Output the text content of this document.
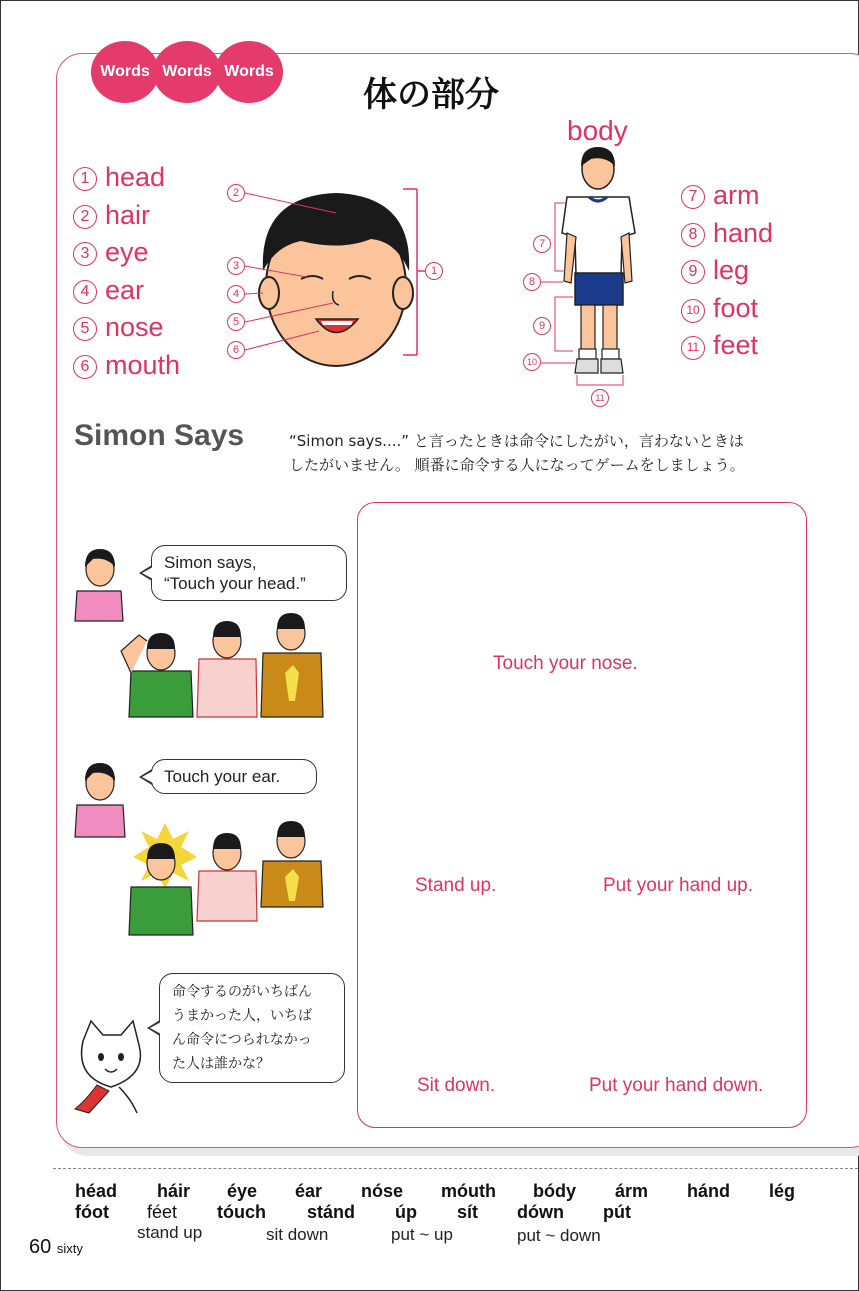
Words Words Words
体の部分
body
1 head
2 hair
3 eye
4 ear
5 nose
6 mouth
7 arm
8 hand
9 leg
10 foot
11 feet
2
3
4
5
6
1
7
8
9
10
11
Simon Says	“Simon says....” と言ったときは命令にしたがい，言わないときは
したがいません。 順番に命令する人になってゲームをしましょう。
Simon says,
“Touch your head.”
Touch your ear.
命令するのがいちばん
うまかった人，いちば
ん命令につられなかっ
た人は誰かな？
Touch your nose.
Stand up.	Put your hand up.
Sit down.	Put your hand down.
héad háir éye éar nóse móuth bódy árm hánd lég
fóot féet tóuch stánd úp sít dówn pút
stand up	sit down	put ~ up	put ~ down
60 sixty
